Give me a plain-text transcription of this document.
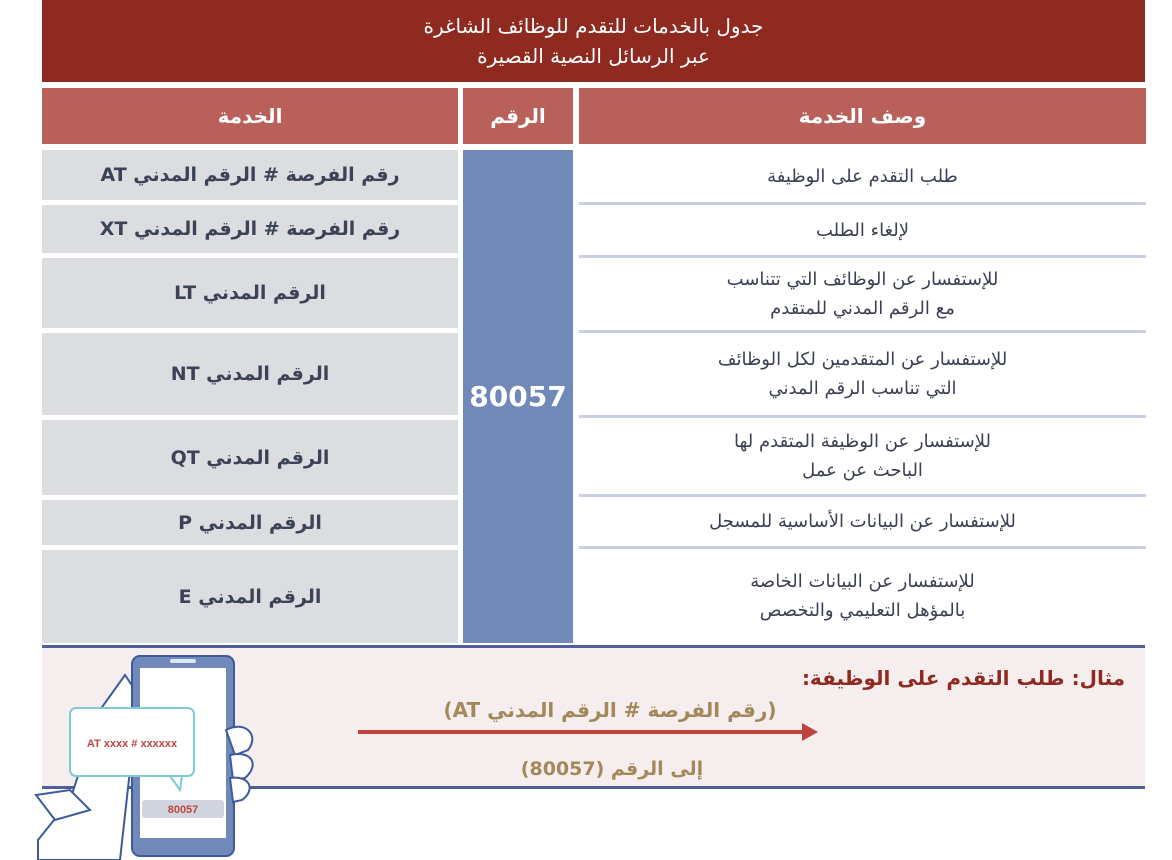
جدول بالخدمات للتقدم للوظائف الشاغرة
عبر الرسائل النصية القصيرة
الخدمة	الرقم	وصف الخدمة
رقم الفرصة # الرقم المدني AT
رقم الفرصة # الرقم المدني XT
الرقم المدني LT
الرقم المدني NT
الرقم المدني QT
الرقم المدني P
الرقم المدني E
80057
طلب التقدم على الوظيفة
لإلغاء الطلب
للإستفسار عن الوظائف التي تتناسب
مع الرقم المدني للمتقدم
للإستفسار عن المتقدمين لكل الوظائف
التي تناسب الرقم المدني
للإستفسار عن الوظيفة المتقدم لها
الباحث عن عمل
للإستفسار عن البيانات الأساسية للمسجل
للإستفسار عن البيانات الخاصة
بالمؤهل التعليمي والتخصص
مثال: طلب التقدم على الوظيفة:
(رقم الفرصة # الرقم المدني AT)
إلى الرقم (80057)
AT xxxx # xxxxxx
80057
